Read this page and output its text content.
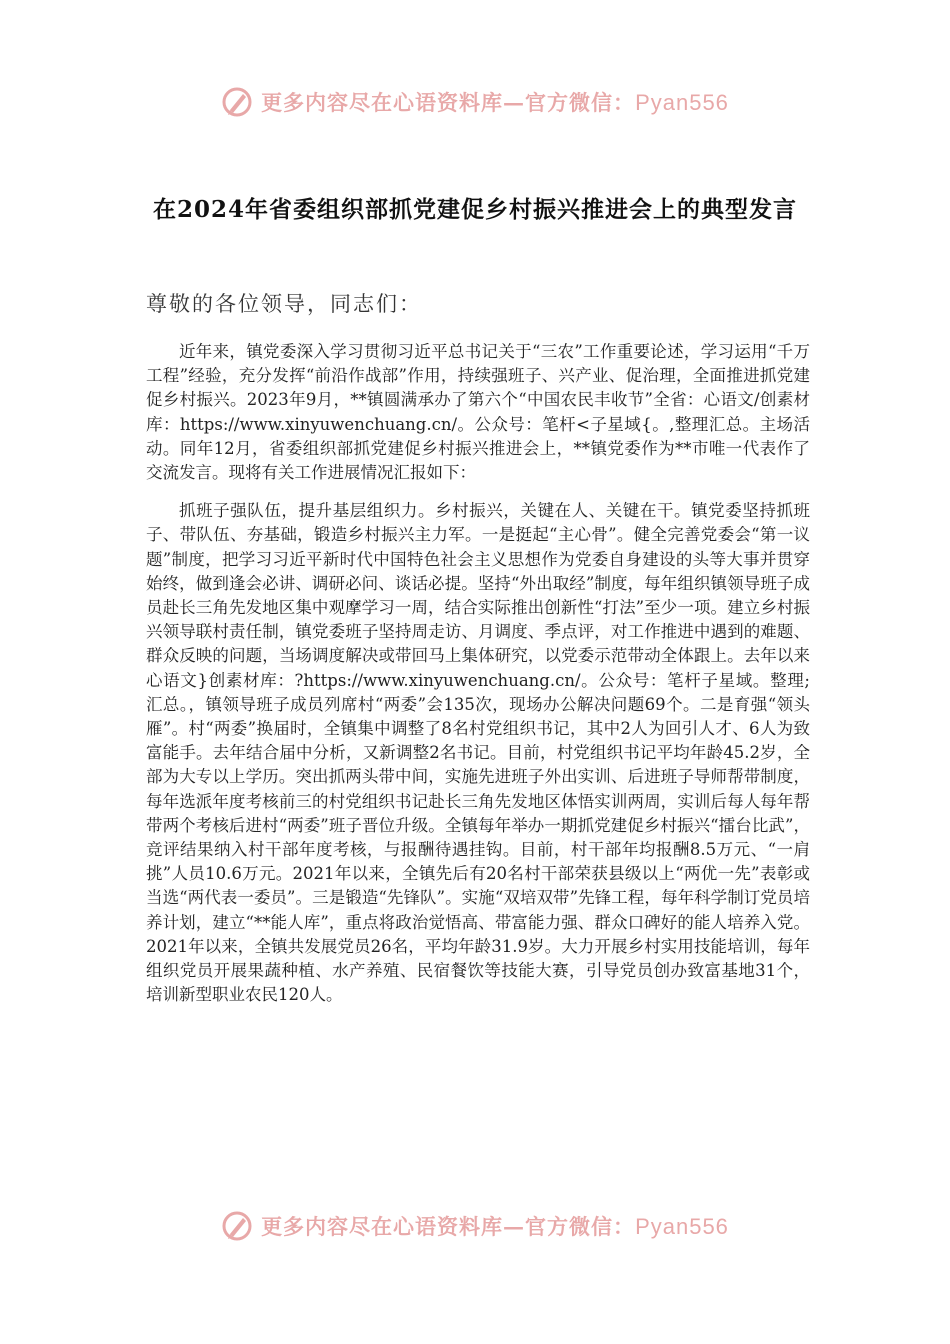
更多内容尽在心语资料库—官方微信：Pyan556
在2024年省委组织部抓党建促乡村振兴推进会上的典型发言
尊敬的各位领导，同志们：

近年来，镇党委深入学习贯彻习近平总书记关于“三农”工作重要论述，学习运用“千万工程”经验，充分发挥“前沿作战部”作用，持续强班子、兴产业、促治理，全面推进抓党建促乡村振兴。2023年9月，**镇圆满承办了第六个“中国农民丰收节”全省：心语文/创素材库：https://www.xinyuwenchuang.cn/。公众号：笔杆<子星域{。,整理汇总。主场活动。同年12月，省委组织部抓党建促乡村振兴推进会上，**镇党委作为**市唯一代表作了交流发言。现将有关工作进展情况汇报如下：

抓班子强队伍，提升基层组织力。乡村振兴，关键在人、关键在干。镇党委坚持抓班子、带队伍、夯基础，锻造乡村振兴主力军。一是挺起“主心骨”。健全完善党委会“第一议题”制度，把学习习近平新时代中国特色社会主义思想作为党委自身建设的头等大事并贯穿始终，做到逢会必讲、调研必问、谈话必提。坚持“外出取经”制度，每年组织镇领导班子成员赴长三角先发地区集中观摩学习一周，结合实际推出创新性“打法”至少一项。建立乡村振兴领导联村责任制，镇党委班子坚持周走访、月调度、季点评，对工作推进中遇到的难题、群众反映的问题，当场调度解决或带回马上集体研究，以党委示范带动全体跟上。去年以来心语文}创素材库：?https://www.xinyuwenchuang.cn/。公众号：笔杆子星域。整理;汇总。，镇领导班子成员列席村“两委”会135次，现场办公解决问题69个。二是育强“领头雁”。村“两委”换届时，全镇集中调整了8名村党组织书记，其中2人为回引人才、6人为致富能手。去年结合届中分析，又新调整2名书记。目前，村党组织书记平均年龄45.2岁，全部为大专以上学历。突出抓两头带中间，实施先进班子外出实训、后进班子导师帮带制度，每年选派年度考核前三的村党组织书记赴长三角先发地区体悟实训两周，实训后每人每年帮带两个考核后进村“两委”班子晋位升级。全镇每年举办一期抓党建促乡村振兴“擂台比武”，竞评结果纳入村干部年度考核，与报酬待遇挂钩。目前，村干部年均报酬8.5万元、“一肩挑”人员10.6万元。2021年以来，全镇先后有20名村干部荣获县级以上“两优一先”表彰或当选“两代表一委员”。三是锻造“先锋队”。实施“双培双带”先锋工程，每年科学制订党员培养计划，建立“**能人库”，重点将政治觉悟高、带富能力强、群众口碑好的能人培养入党。2021年以来，全镇共发展党员26名，平均年龄31.9岁。大力开展乡村实用技能培训，每年组织党员开展果蔬种植、水产养殖、民宿餐饮等技能大赛，引导党员创办致富基地31个，培训新型职业农民120人。

更多内容尽在心语资料库—官方微信：Pyan556
